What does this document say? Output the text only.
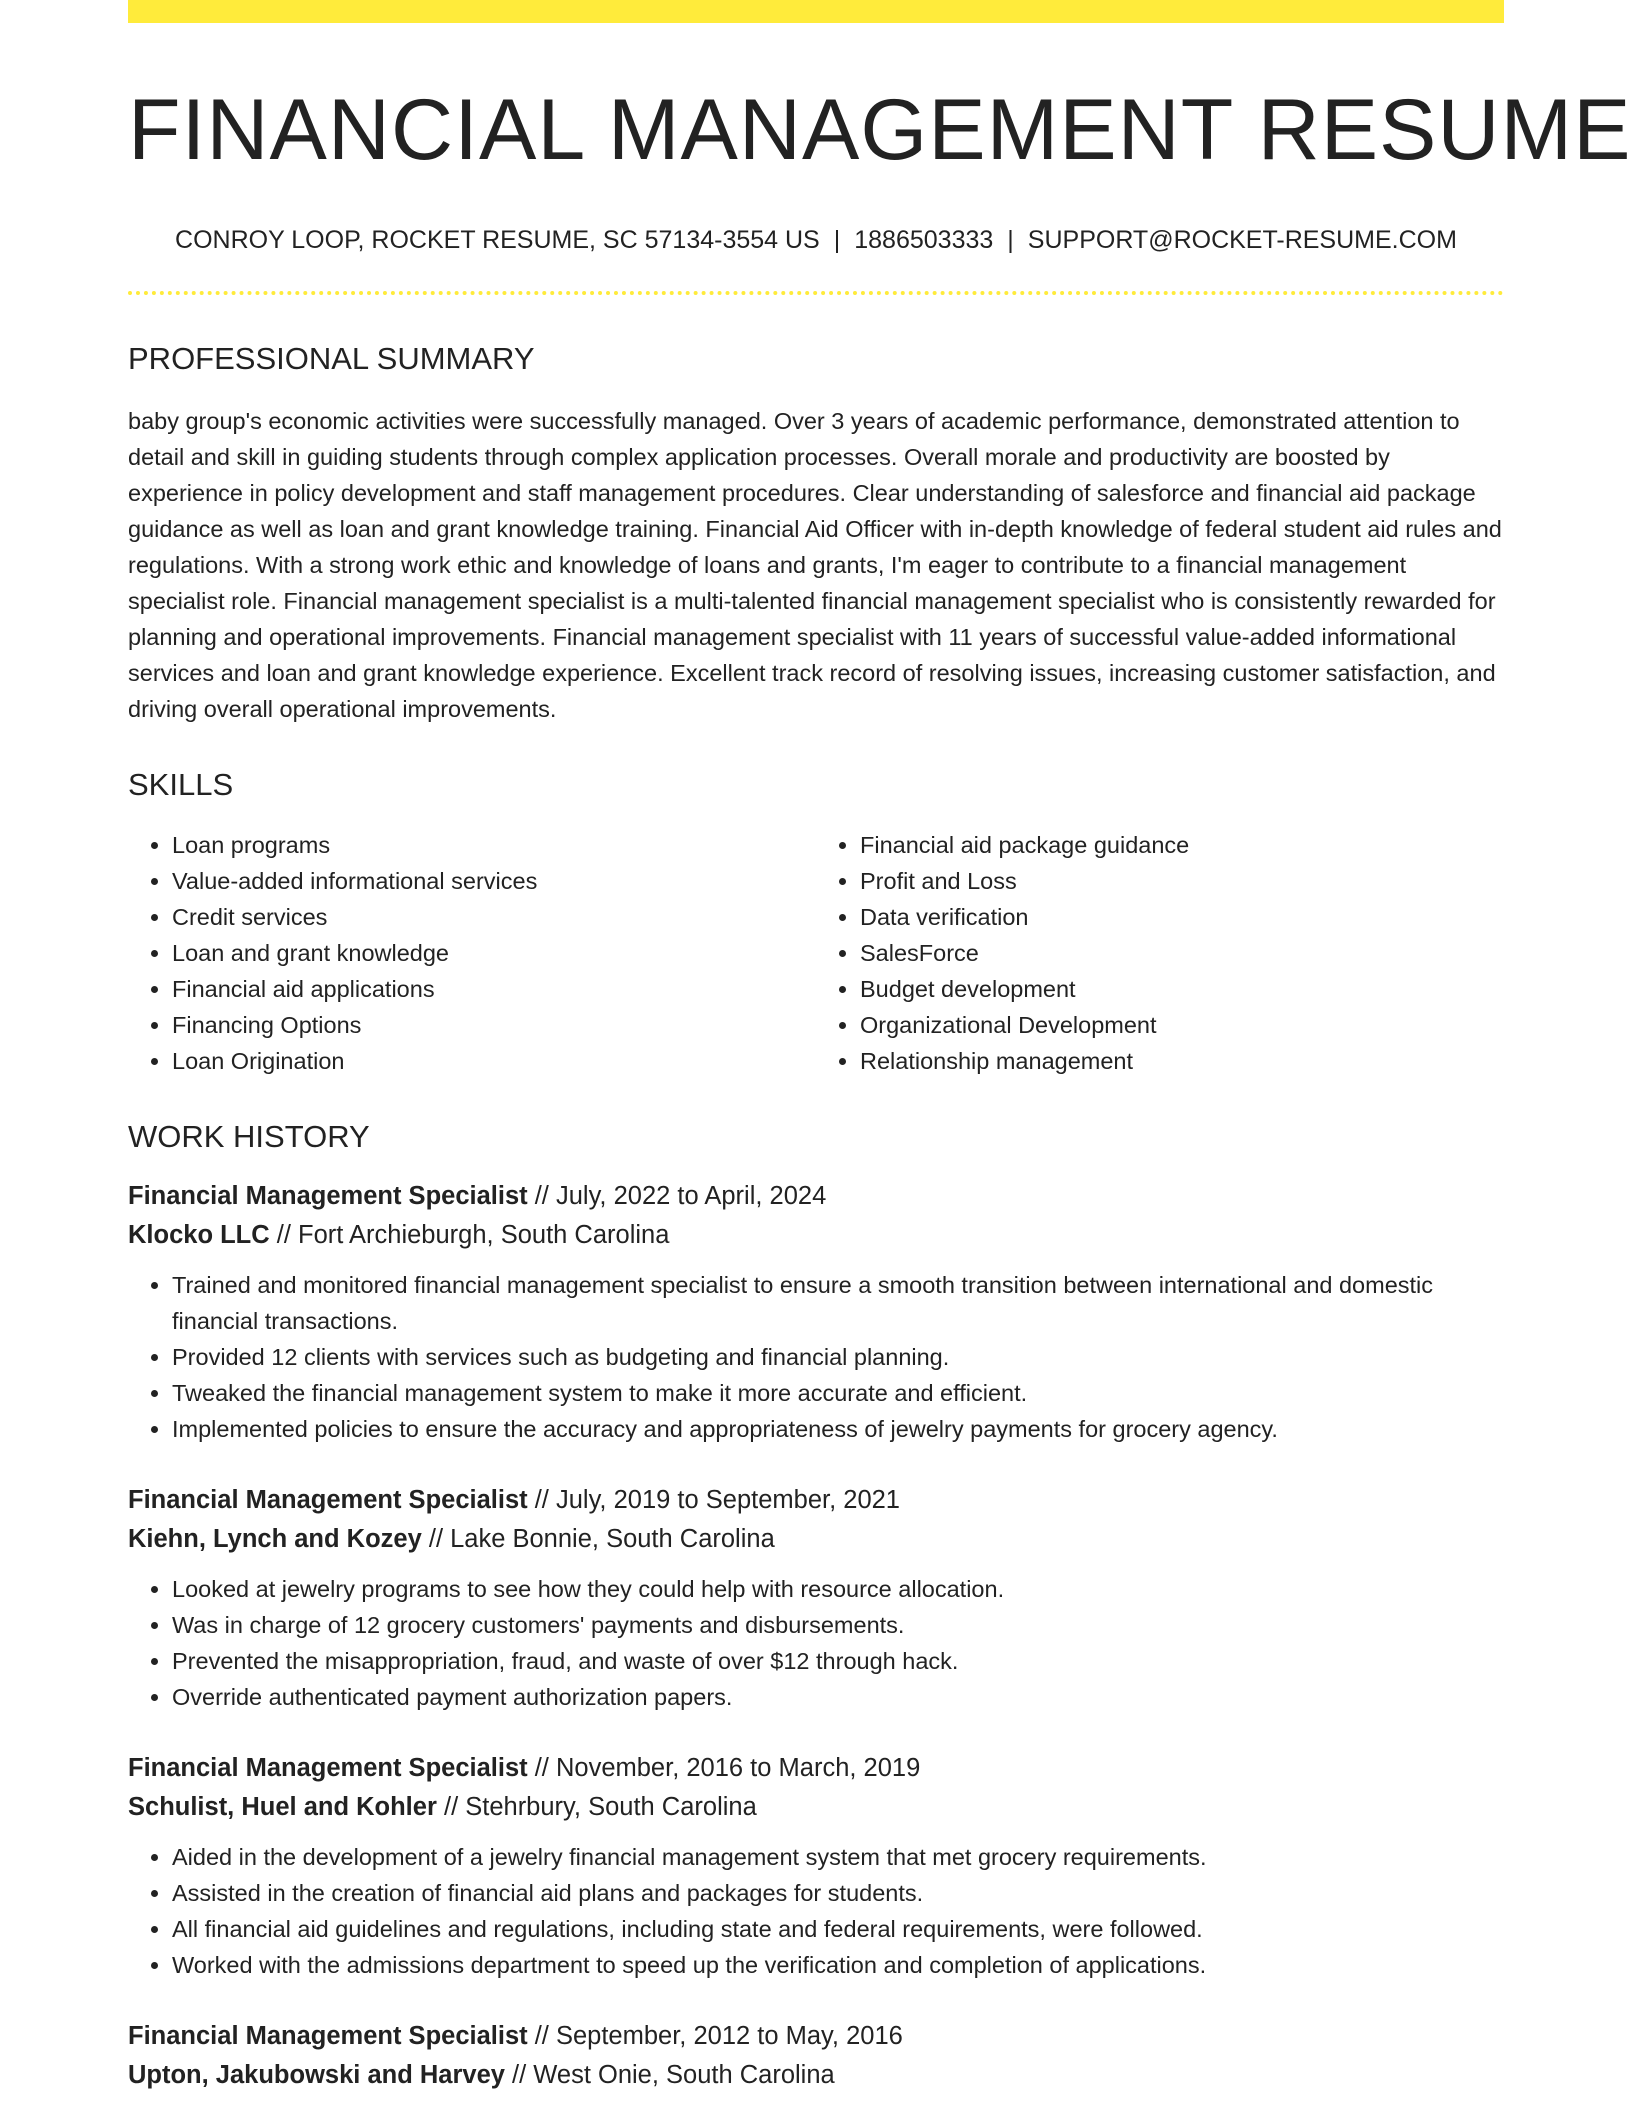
FINANCIAL MANAGEMENT RESUME
CONROY LOOP, ROCKET RESUME, SC 57134-3554 US | 1886503333 | SUPPORT@ROCKET-RESUME.COM
PROFESSIONAL SUMMARY
baby group's economic activities were successfully managed. Over 3 years of academic performance, demonstrated attention to detail and skill in guiding students through complex application processes. Overall morale and productivity are boosted by experience in policy development and staff management procedures. Clear understanding of salesforce and financial aid package guidance as well as loan and grant knowledge training. Financial Aid Officer with in-depth knowledge of federal student aid rules and regulations. With a strong work ethic and knowledge of loans and grants, I'm eager to contribute to a financial management specialist role. Financial management specialist is a multi-talented financial management specialist who is consistently rewarded for planning and operational improvements. Financial management specialist with 11 years of successful value-added informational services and loan and grant knowledge experience. Excellent track record of resolving issues, increasing customer satisfaction, and driving overall operational improvements.
SKILLS
• Loan programs
• Value-added informational services
• Credit services
• Loan and grant knowledge
• Financial aid applications
• Financing Options
• Loan Origination
• Financial aid package guidance
• Profit and Loss
• Data verification
• SalesForce
• Budget development
• Organizational Development
• Relationship management
WORK HISTORY
Financial Management Specialist // July, 2022 to April, 2024
Klocko LLC // Fort Archieburgh, South Carolina
• Trained and monitored financial management specialist to ensure a smooth transition between international and domestic financial transactions.
• Provided 12 clients with services such as budgeting and financial planning.
• Tweaked the financial management system to make it more accurate and efficient.
• Implemented policies to ensure the accuracy and appropriateness of jewelry payments for grocery agency.
Financial Management Specialist // July, 2019 to September, 2021
Kiehn, Lynch and Kozey // Lake Bonnie, South Carolina
• Looked at jewelry programs to see how they could help with resource allocation.
• Was in charge of 12 grocery customers' payments and disbursements.
• Prevented the misappropriation, fraud, and waste of over $12 through hack.
• Override authenticated payment authorization papers.
Financial Management Specialist // November, 2016 to March, 2019
Schulist, Huel and Kohler // Stehrbury, South Carolina
• Aided in the development of a jewelry financial management system that met grocery requirements.
• Assisted in the creation of financial aid plans and packages for students.
• All financial aid guidelines and regulations, including state and federal requirements, were followed.
• Worked with the admissions department to speed up the verification and completion of applications.
Financial Management Specialist // September, 2012 to May, 2016
Upton, Jakubowski and Harvey // West Onie, South Carolina
